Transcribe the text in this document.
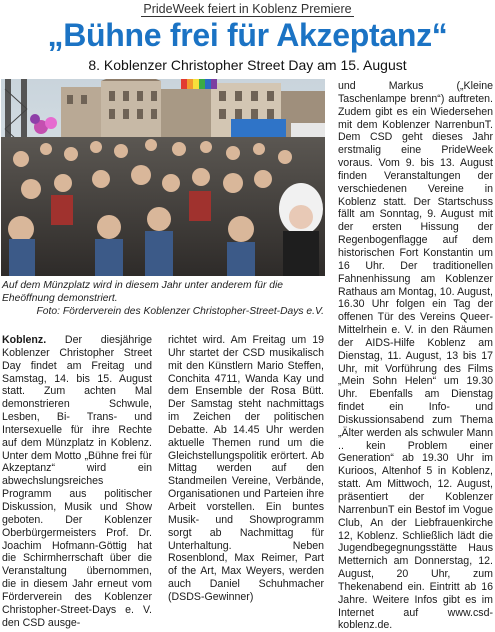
PrideWeek feiert in Koblenz Premiere
„Bühne frei für Akzeptanz“
8. Koblenzer Christopher Street Day am 15. August
Auf dem Münzplatz wird in diesem Jahr unter anderem für die Eheöffnung demonstriert.
Foto: Förderverein des Koblenzer Christopher-Street-Days e.V.

Koblenz. Der diesjährige Koblenzer Christopher Street Day findet am Freitag und Samstag, 14. bis 15. August statt. Zum achten Mal demonstrieren Schwule, Lesben, Bi- Trans- und Intersexuelle für ihre Rechte auf dem Münzplatz in Koblenz. Unter dem Motto „Bühne frei für Akzeptanz“ wird ein abwechslungsreiches Programm aus politischer Diskussion, Musik und Show geboten. Der Koblenzer Oberbürgermeisters Prof. Dr. Joachim Hofmann-Göttig hat die Schirmherrschaft über die Veranstaltung übernommen, die in diesem Jahr erneut vom Förderverein des Koblenzer Christopher-Street-Days e. V. den CSD ausge-

richtet wird. Am Freitag um 19 Uhr startet der CSD musikalisch mit den Künstlern Mario Steffen, Conchita 4711, Wanda Kay und dem Ensemble der Rosa Bütt. Der Samstag steht nachmittags im Zeichen der politischen Debatte. Ab 14.45 Uhr werden aktuelle Themen rund um die Gleichstellungspolitik erörtert. Ab Mittag werden auf den Standmeilen Vereine, Verbände, Organisationen und Parteien ihre Arbeit vorstellen. Ein buntes Musik- und Showprogramm sorgt ab Nachmittag für Unterhaltung. Neben Rosenblond, Max Reimer, Part of the Art, Max Weyers, werden auch Daniel Schuhmacher (DSDS-Gewinner)

und Markus („Kleine Taschenlampe brenn“) auftreten. Zudem gibt es ein Wiedersehen mit dem Koblenzer NarrenbunT. Dem CSD geht dieses Jahr erstmalig eine PrideWeek voraus. Vom 9. bis 13. August finden Veranstaltungen der verschiedenen Vereine in Koblenz statt. Der Startschuss fällt am Sonntag, 9. August mit der ersten Hissung der Regenbogenflagge auf dem historischen Fort Konstantin um 16 Uhr. Der traditionellen Fahnenhissung am Koblenzer Rathaus am Montag, 10. August, 16.30 Uhr folgen ein Tag der offenen Tür des Vereins Queer-Mittelrhein e. V. in den Räumen der AIDS-Hilfe Koblenz am Dienstag, 11. August, 13 bis 17 Uhr, mit Vorführung des Films „Mein Sohn Helen“ um 19.30 Uhr. Ebenfalls am Dienstag findet ein Info- und Diskussionsabend zum Thema „Älter werden als schwuler Mann .. kein Problem einer Generation“ ab 19.30 Uhr im Kurioos, Altenhof 5 in Koblenz, statt. Am Mittwoch, 12. August, präsentiert der Koblenzer NarrenbunT ein Bestof im Vogue Club, An der Liebfrauenkirche 12, Koblenz. Schließlich lädt die Jugendbegegnungsstätte Haus Metternich am Donnerstag, 12. August, 20 Uhr, zum Thekenabend ein. Eintritt ab 16 Jahre. Weitere Infos gibt es im Internet auf www.csd-koblenz.de.
